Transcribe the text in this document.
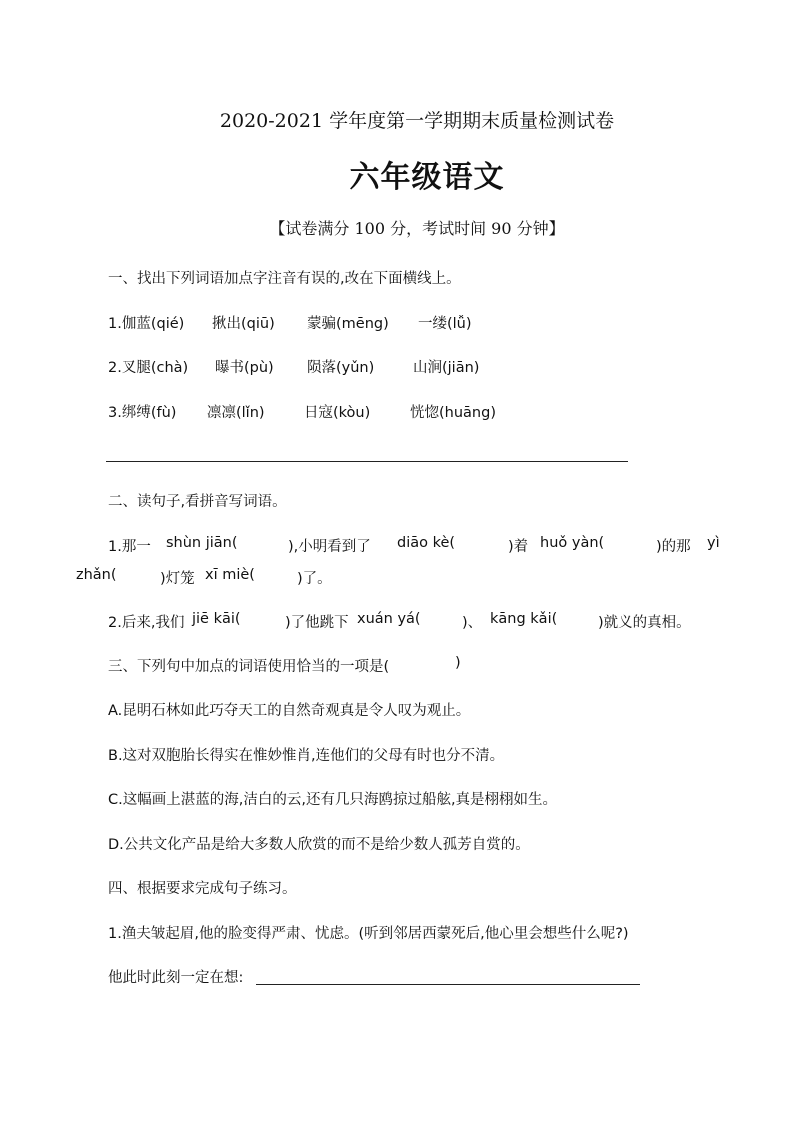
2020-2021 学年度第一学期期末质量检测试卷
六年级语文
【试卷满分 100 分，考试时间 90 分钟】
一、找出下列词语加点字注音有误的,改在下面横线上。
1.伽蓝(qié) 揪出(qiū) 蒙骗(mēng) 一缕(lǚ)
2.叉腿(chà) 曝书(pù) 陨落(yǔn)	山涧(jiān)
3.绑缚(fù) 凛凛(lǐn)	日寇(kòu)	恍惚(huāng)
二、读句子,看拼音写词语。
1.那一 shùn jiān(	),小明看到了 diāo kè(	)着 huǒ yàn(	)的那 yì
zhǎn(	)灯笼 xī miè(	)了。
2.后来,我们 jiē kāi(	)了他跳下 xuán yá(	)、 kāng kǎi(	)就义的真相。
三、下列句中加点的词语使用恰当的一项是(	)
A.昆明石林如此巧夺天工的自然奇观真是令人叹为观止。
B.这对双胞胎长得实在惟妙惟肖,连他们的父母有时也分不清。
C.这幅画上湛蓝的海,洁白的云,还有几只海鸥掠过船舷,真是栩栩如生。
D.公共文化产品是给大多数人欣赏的而不是给少数人孤芳自赏的。
四、根据要求完成句子练习。
1.渔夫皱起眉,他的脸变得严肃、忧虑。(听到邻居西蒙死后,他心里会想些什么呢?)
他此时此刻一定在想:
